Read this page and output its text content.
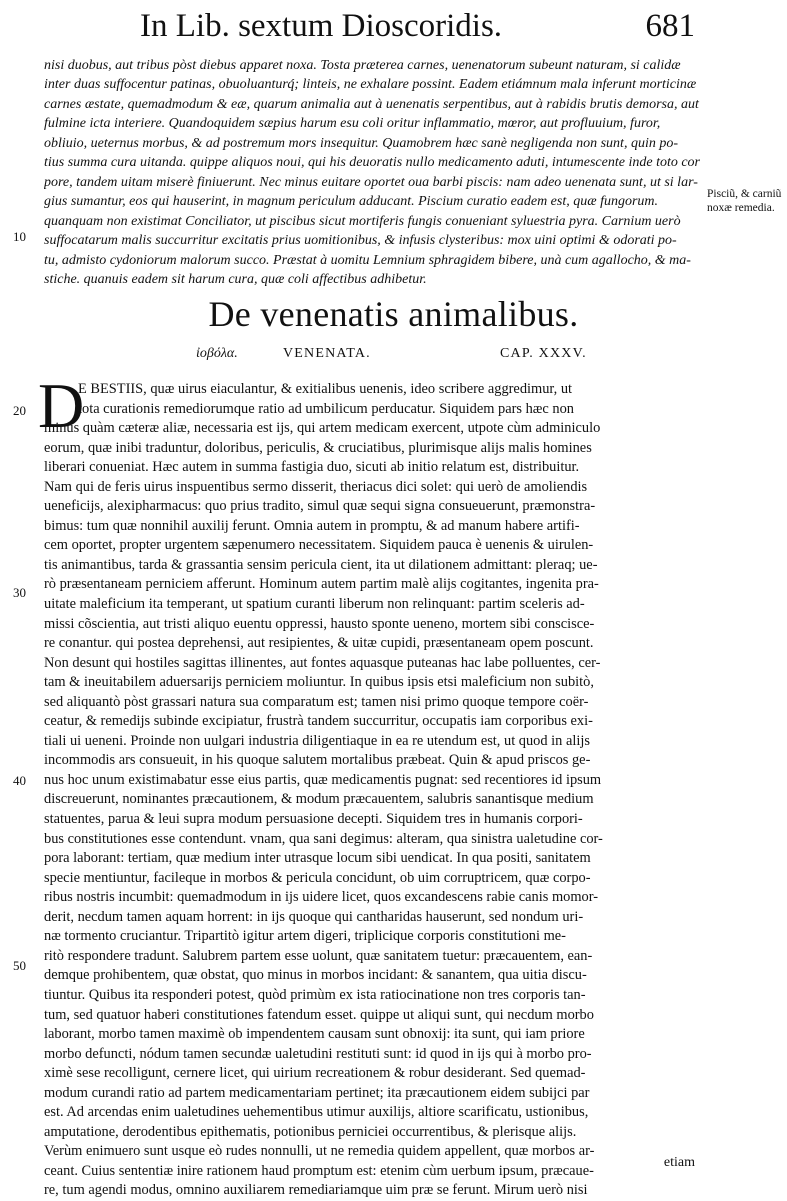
In Lib. sextum Dioscoridis.	681
nisi duobus, aut tribus pòst diebus apparet noxa. Tosta præterea carnes, uenenatorum subeunt naturam, si calidæ
inter duas suffocentur patinas, obuoluanturq́; linteis, ne exhalare possint. Eadem etiámnum mala inferunt morticinæ
carnes æstate, quemadmodum & eæ, quarum animalia aut à uenenatis serpentibus, aut à rabidis brutis demorsa, aut
fulmine icta interiere. Quandoquidem sæpius harum esu coli oritur inflammatio, mœror, aut profluuium, furor,
obliuio, ueternus morbus, & ad postremum mors insequitur. Quamobrem hæc sanè negligenda non sunt, quin po-
tius summa cura uitanda. quippe aliquos noui, qui his deuoratis nullo medicamento aduti, intumescente inde toto cor
pore, tandem uitam miserè finiuerunt. Nec minus euitare oportet oua barbi piscis: nam adeo uenenata sunt, ut si lar-
gius sumantur, eos qui hauserint, in magnum periculum adducant. Piscium curatio eadem est, quæ fungorum.
quanquam non existimat Conciliator, ut piscibus sicut mortiferis fungis conueniant syluestria pyra. Carnium uerò
suffocatarum malis succurritur excitatis prius uomitionibus, & infusis clysteribus: mox uini optimi & odorati po-
tu, admisto cydoniorum malorum succo. Præstat à uomitu Lemnium sphragidem bibere, unà cum agallocho, & ma-
stiche. quanuis eadem sit harum cura, quæ coli affectibus adhibetur.
Pisciũ, & carniũ noxæ remedia.
10
20
30
40
50
De venenatis animalibus.
ἰοβόλα.	VENENATA.	CAP. XXXV.
D
E BESTIIS, quæ uirus eiaculantur, & exitialibus uenenis, ideo scribere aggredimur, ut
tota curationis remediorumque ratio ad umbilicum perducatur. Siquidem pars hæc non
minus quàm cæteræ aliæ, necessaria est ijs, qui artem medicam exercent, utpote cùm adminiculo
eorum, quæ inibi traduntur, doloribus, periculis, & cruciatibus, plurimisque alijs malis homines
liberari conueniat. Hæc autem in summa fastigia duo, sicuti ab initio relatum est, distribuitur.
Nam qui de feris uirus inspuentibus sermo disserit, theriacus dici solet: qui uerò de amoliendis
ueneficijs, alexipharmacus: quo prius tradito, simul quæ sequi signa consueuerunt, præmonstra-
bimus: tum quæ nonnihil auxilij ferunt. Omnia autem in promptu, & ad manum habere artifi-
cem oportet, propter urgentem sæpenumero necessitatem. Siquidem pauca è uenenis & uirulen-
tis animantibus, tarda & grassantia sensim pericula cient, ita ut dilationem admittant: pleraq; ue-
rò præsentaneam perniciem afferunt. Hominum autem partim malè alijs cogitantes, ingenita pra-
uitate maleficium ita temperant, ut spatium curanti liberum non relinquant: partim sceleris ad-
missi cõscientia, aut tristi aliquo euentu oppressi, hausto sponte ueneno, mortem sibi conscisce-
re conantur. qui postea deprehensi, aut resipientes, & uitæ cupidi, præsentaneam opem poscunt.
Non desunt qui hostiles sagittas illinentes, aut fontes aquasque puteanas hac labe polluentes, cer-
tam & ineuitabilem aduersarijs perniciem moliuntur. In quibus ipsis etsi maleficium non subitò,
sed aliquantò pòst grassari natura sua comparatum est; tamen nisi primo quoque tempore coër-
ceatur, & remedijs subinde excipiatur, frustrà tandem succurritur, occupatis iam corporibus exi-
tiali ui ueneni. Proinde non uulgari industria diligentiaque in ea re utendum est, ut quod in alijs
incommodis ars consueuit, in his quoque salutem mortalibus præbeat. Quin & apud priscos ge-
nus hoc unum existimabatur esse eius partis, quæ medicamentis pugnat: sed recentiores id ipsum
discreuerunt, nominantes præcautionem, & modum præcauentem, salubris sanantisque medium
statuentes, parua & leui supra modum persuasione decepti. Siquidem tres in humanis corpori-
bus constitutiones esse contendunt. vnam, qua sani degimus: alteram, qua sinistra ualetudine cor-
pora laborant: tertiam, quæ medium inter utrasque locum sibi uendicat. In qua positi, sanitatem
specie mentiuntur, facileque in morbos & pericula concidunt, ob uim corruptricem, quæ corpo-
ribus nostris incumbit: quemadmodum in ijs uidere licet, quos excandescens rabie canis momor-
derit, necdum tamen aquam horrent: in ijs quoque qui cantharidas hauserunt, sed nondum uri-
næ tormento cruciantur. Tripartitò igitur artem digeri, triplicique corporis constitutioni me-
ritò respondere tradunt. Salubrem partem esse uolunt, quæ sanitatem tuetur: præcauentem, ean-
demque prohibentem, quæ obstat, quo minus in morbos incidant: & sanantem, qua uitia discu-
tiuntur. Quibus ita responderi potest, quòd primùm ex ista ratiocinatione non tres corporis tan-
tum, sed quatuor haberi constitutiones fatendum esset. quippe ut aliqui sunt, qui necdum morbo
laborant, morbo tamen maximè ob impendentem causam sunt obnoxij: ita sunt, qui iam priore
morbo defuncti, nódum tamen secundæ ualetudini restituti sunt: id quod in ijs qui à morbo pro-
ximè sese recolligunt, cernere licet, qui uirium recreationem & robur desiderant. Sed quemad-
modum curandi ratio ad partem medicamentariam pertinet; ita præcautionem eidem subijci par
est. Ad arcendas enim ualetudines uehementibus utimur auxilijs, altiore scarificatu, ustionibus,
amputatione, derodentibus epithematis, potionibus perniciei occurrentibus, & plerisque alijs.
Verùm enimuero sunt usque eò rudes nonnulli, ut ne remedia quidem appellent, quæ morbos ar-
ceant. Cuius sententiæ inire rationem haud promptum est: etenim cùm uerbum ipsum, præcaue-
re, tum agendi modus, omnino auxiliarem remediariamque uim præ se ferunt. Mirum uerò nisi
etiam
